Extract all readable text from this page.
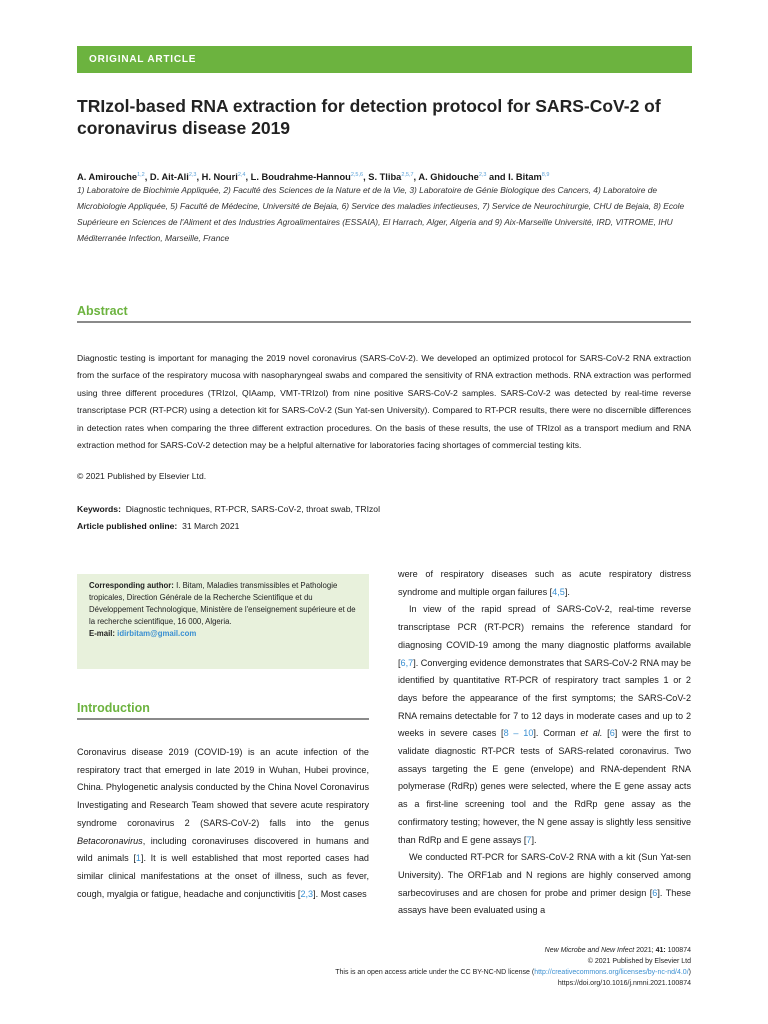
ORIGINAL ARTICLE
TRIzol-based RNA extraction for detection protocol for SARS-CoV-2 of coronavirus disease 2019
A. Amirouche$^{1,2}$, D. Ait-Ali$^{2,3}$, H. Nouri$^{2,4}$, L. Boudrahme-Hannou$^{2,5,6}$, S. Tliba$^{2,5,7}$, A. Ghidouche$^{2,3}$ and I. Bitam$^{8,9}$
1) Laboratoire de Biochimie Appliquée, 2) Faculté des Sciences de la Nature et de la Vie, 3) Laboratoire de Génie Biologique des Cancers, 4) Laboratoire de Microbiologie Appliquée, 5) Faculté de Médecine, Université de Bejaia, 6) Service des maladies infectieuses, 7) Service de Neurochirurgie, CHU de Bejaia, 8) Ecole Supérieure en Sciences de l'Aliment et des Industries Agroalimentaires (ESSAIA), El Harrach, Alger, Algeria and 9) Aix-Marseille Université, IRD, VITROME, IHU Méditerranée Infection, Marseille, France
Abstract

Diagnostic testing is important for managing the 2019 novel coronavirus (SARS-CoV-2). We developed an optimized protocol for SARS-CoV-2 RNA extraction from the surface of the respiratory mucosa with nasopharyngeal swabs and compared the sensitivity of RNA extraction methods. RNA extraction was performed using three different procedures (TRIzol, QIAamp, VMT-TRIzol) from nine positive SARS-CoV-2 samples. SARS-CoV-2 was detected by real-time reverse transcriptase PCR (RT-PCR) using a detection kit for SARS-CoV-2 (Sun Yat-sen University). Compared to RT-PCR results, there were no discernible differences in detection rates when comparing the three different extraction procedures. On the basis of these results, the use of TRIzol as a transport medium and RNA extraction method for SARS-CoV-2 detection may be a helpful alternative for laboratories facing shortages of commercial testing kits.

© 2021 Published by Elsevier Ltd.
Keywords: Diagnostic techniques, RT-PCR, SARS-CoV-2, throat swab, TRIzol
Article published online: 31 March 2021
Corresponding author: I. Bitam, Maladies transmissibles et Pathologie tropicales, Direction Générale de la Recherche Scientifique et du Développement Technologique, Ministère de l'enseignement supérieure et de la recherche scientifique, 16 000, Algeria.
E-mail: idirbitam@gmail.com
Introduction

Coronavirus disease 2019 (COVID-19) is an acute infection of the respiratory tract that emerged in late 2019 in Wuhan, Hubei province, China. Phylogenetic analysis conducted by the China Novel Coronavirus Investigating and Research Team showed that severe acute respiratory syndrome coronavirus 2 (SARS-CoV-2) falls into the genus Betacoronavirus, including coronaviruses discovered in humans and wild animals [1]. It is well established that most reported cases had similar clinical manifestations at the onset of illness, such as fever, cough, myalgia or fatigue, headache and conjunctivitis [2,3]. Most cases

were of respiratory diseases such as acute respiratory distress syndrome and multiple organ failures [4,5].
In view of the rapid spread of SARS-CoV-2, real-time reverse transcriptase PCR (RT-PCR) remains the reference standard for diagnosing COVID-19 among the many diagnostic platforms available [6,7]. Converging evidence demonstrates that SARS-CoV-2 RNA may be identified by quantitative RT-PCR of respiratory tract samples 1 or 2 days before the appearance of the first symptoms; the SARS-CoV-2 RNA remains detectable for 7 to 12 days in moderate cases and up to 2 weeks in severe cases [8 – 10]. Corman et al. [6] were the first to validate diagnostic RT-PCR tests of SARS-related coronavirus. Two assays targeting the E gene (envelope) and RNA-dependent RNA polymerase (RdRp) genes were selected, where the E gene assay acts as a first-line screening tool and the RdRp gene assay as the confirmatory testing; however, the N gene assay is slightly less sensitive than RdRp and E gene assays [7].
We conducted RT-PCR for SARS-CoV-2 RNA with a kit (Sun Yat-sen University). The ORF1ab and N regions are highly conserved among sarbecoviruses and are chosen for probe and primer design [6]. These assays have been evaluated using a
New Microbe and New Infect 2021; 41: 100874
© 2021 Published by Elsevier Ltd
This is an open access article under the CC BY-NC-ND license (http://creativecommons.org/licenses/by-nc-nd/4.0/)
https://doi.org/10.1016/j.nmni.2021.100874
